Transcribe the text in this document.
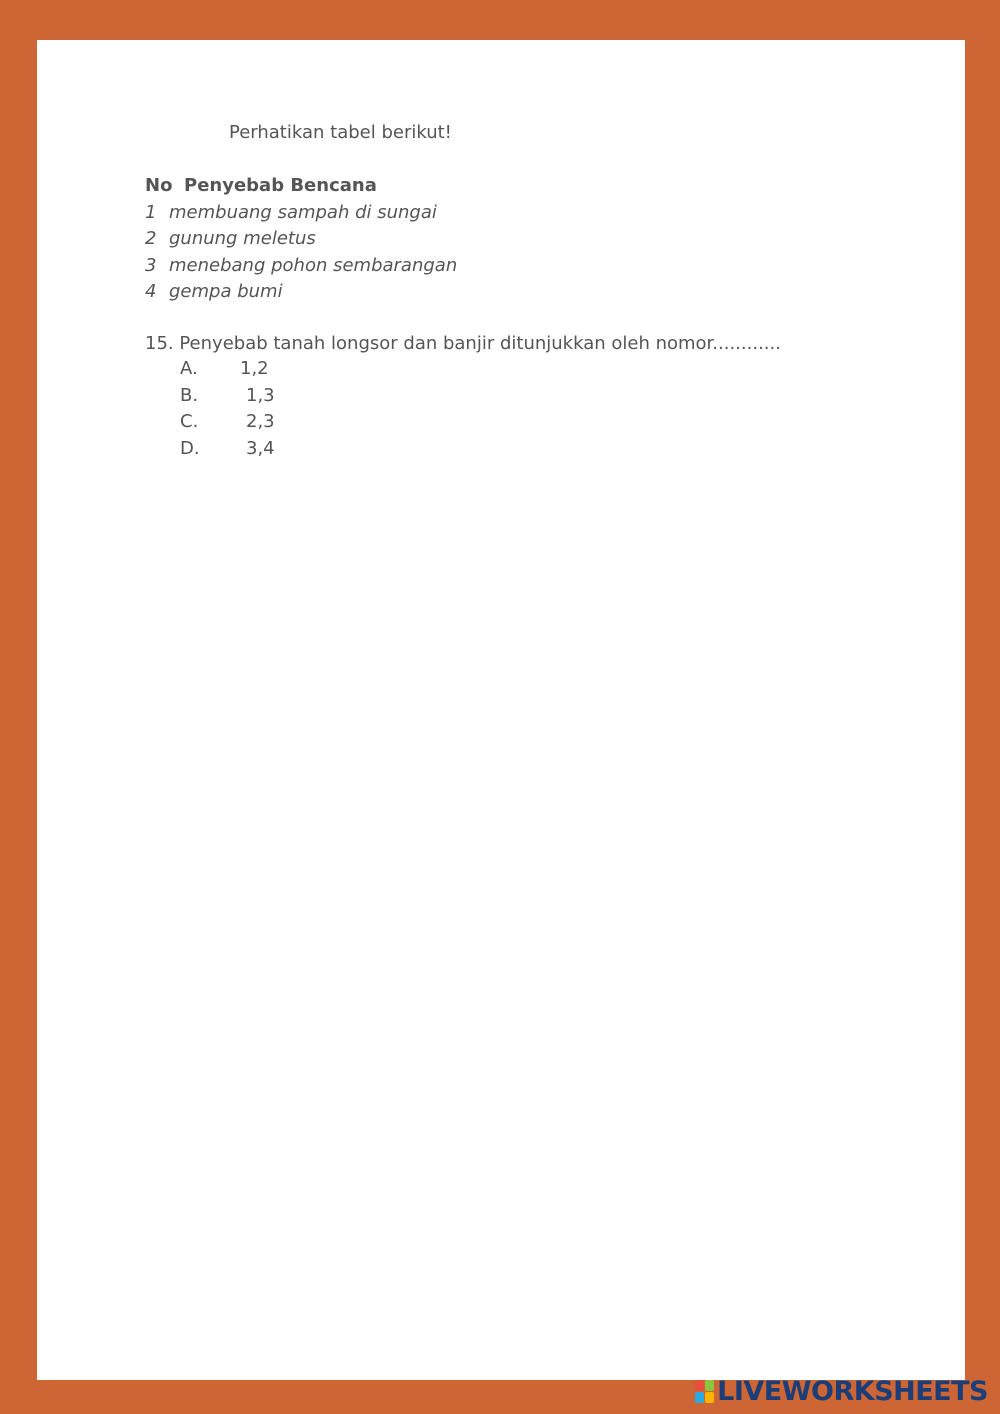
Perhatikan tabel berikut!
No Penyebab Bencana
1 membuang sampah di sungai
2 gunung meletus
3 menebang pohon sembarangan
4 gempa bumi
15. Penyebab tanah longsor dan banjir ditunjukkan oleh nomor............
A. 1,2
B.	1,3
C.	2,3
D.	3,4
LIVEWORKSHEETS
